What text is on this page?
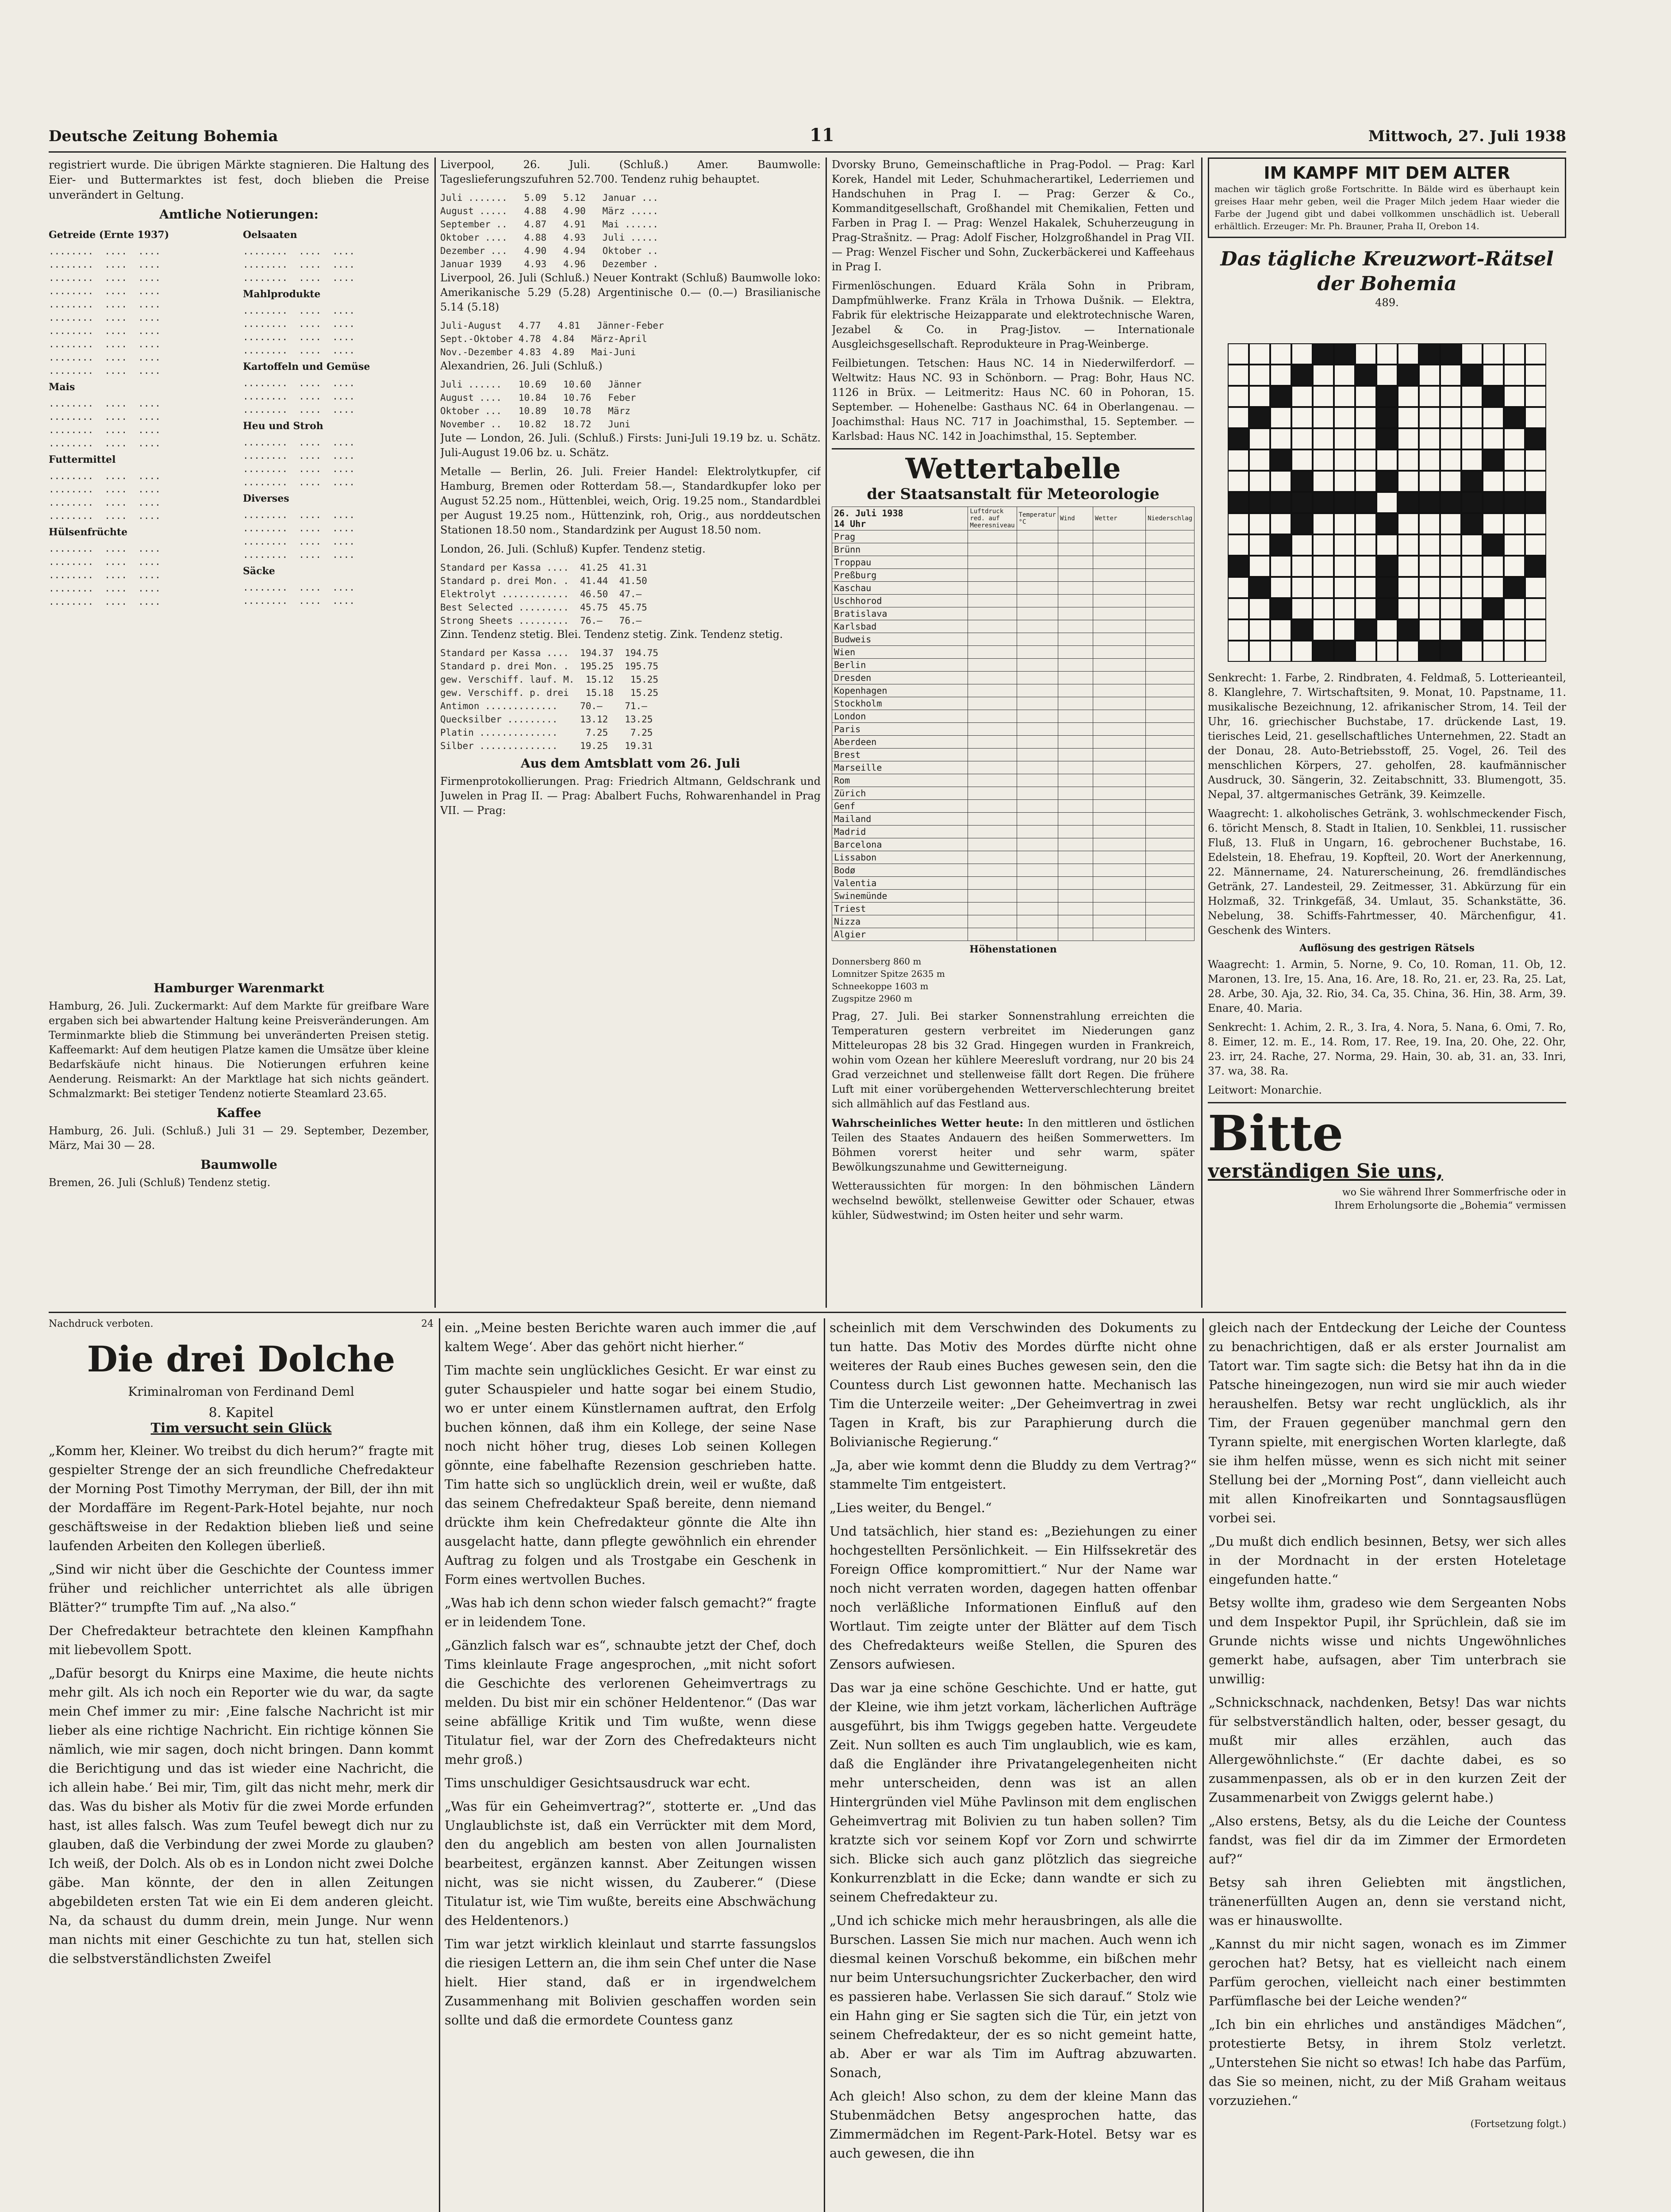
Deutsche Zeitung Bohemia	11	Mittwoch, 27. Juli 1938

registriert wurde. Die übrigen Märkte stagnieren. Die Haltung des Eier- und Buttermarktes ist fest, doch blieben die Preise unverändert in Geltung.

Amtliche Notierungen:
Getreide (Ernte 1937)
........  ....  ....
........  ....  ....
........  ....  ....
........  ....  ....
........  ....  ....
........  ....  ....
........  ....  ....
........  ....  ....
........  ....  ....
........  ....  ....
Mais
........  ....  ....
........  ....  ....
........  ....  ....
........  ....  ....
Futtermittel
........  ....  ....
........  ....  ....
........  ....  ....
........  ....  ....
Hülsenfrüchte
........  ....  ....
........  ....  ....
........  ....  ....
........  ....  ....
........  ....  ....
Oelsaaten
........  ....  ....
........  ....  ....
........  ....  ....
Mahlprodukte
........  ....  ....
........  ....  ....
........  ....  ....
........  ....  ....
Kartoffeln und Gemüse
........  ....  ....
........  ....  ....
........  ....  ....
Heu und Stroh
........  ....  ....
........  ....  ....
........  ....  ....
........  ....  ....
Diverses
........  ....  ....
........  ....  ....
........  ....  ....
........  ....  ....
Säcke
........  ....  ....
........  ....  ....
Hamburger Warenmarkt

Hamburg, 26. Juli. Zuckermarkt: Auf dem Markte für greifbare Ware ergaben sich bei abwartender Haltung keine Preisveränderungen. Am Terminmarkte blieb die Stimmung bei unveränderten Preisen stetig. Kaffeemarkt: Auf dem heutigen Platze kamen die Umsätze über kleine Bedarfskäufe nicht hinaus. Die Notierungen erfuhren keine Aenderung. Reismarkt: An der Marktlage hat sich nichts geändert. Schmalzmarkt: Bei stetiger Tendenz notierte Steamlard 23.65.

Kaffee

Hamburg, 26. Juli. (Schluß.) Juli 31 — 29. September, Dezember, März, Mai 30 — 28.

Baumwolle

Bremen, 26. Juli (Schluß) Tendenz stetig.

Liverpool, 26. Juli. (Schluß.) Amer. Baumwolle: Tageslieferungszufuhren 52.700. Tendenz ruhig behauptet.

Juli .......   5.09   5.12   Januar ...
August .....   4.88   4.90   März .....
September ..   4.87   4.91   Mai ......
Oktober ....   4.88   4.93   Juli .....
Dezember ...   4.90   4.94   Oktober ..
Januar 1939    4.93   4.96   Dezember .

Liverpool, 26. Juli (Schluß.) Neuer Kontrakt (Schluß) Baumwolle loko: Amerikanische 5.29 (5.28) Argentinische 0.— (0.—) Brasilianische 5.14 (5.18)

Juli-August   4.77   4.81   Jänner-Feber
Sept.-Oktober 4.78  4.84   März-April
Nov.-Dezember 4.83  4.89   Mai-Juni

Alexandrien, 26. Juli (Schluß.)

Juli ......   10.69   10.60   Jänner
August ....   10.84   10.76   Feber
Oktober ...   10.89   10.78   März
November ..   10.82   18.72   Juni

Jute — London, 26. Juli. (Schluß.) Firsts: Juni-Juli 19.19 bz. u. Schätz. Juli-August 19.06 bz. u. Schätz.

Metalle — Berlin, 26. Juli. Freier Handel: Elektrolytkupfer, cif Hamburg, Bremen oder Rotterdam 58.—, Standardkupfer loko per August 52.25 nom., Hüttenblei, weich, Orig. 19.25 nom., Standardblei per August 19.25 nom., Hüttenzink, roh, Orig., aus norddeutschen Stationen 18.50 nom., Standardzink per August 18.50 nom.

London, 26. Juli. (Schluß) Kupfer. Tendenz stetig.

Standard per Kassa ....  41.25  41.31
Standard p. drei Mon. .  41.44  41.50
Elektrolyt ............  46.50  47.—
Best Selected .........  45.75  45.75
Strong Sheets .........  76.—   76.—

Zinn. Tendenz stetig. Blei. Tendenz stetig. Zink. Tendenz stetig.

Standard per Kassa ....  194.37  194.75
Standard p. drei Mon. .  195.25  195.75
gew. Verschiff. lauf. M.  15.12   15.25
gew. Verschiff. p. drei   15.18   15.25
Antimon .............    70.—    71.—
Quecksilber .........    13.12   13.25
Platin ..............     7.25    7.25
Silber ..............    19.25   19.31
Aus dem Amtsblatt vom 26. Juli

Firmenprotokollierungen. Prag: Friedrich Altmann, Geldschrank und Juwelen in Prag II. — Prag: Abalbert Fuchs, Rohwarenhandel in Prag VII. — Prag:

Dvorsky Bruno, Gemeinschaftliche in Prag-Podol. — Prag: Karl Korek, Handel mit Leder, Schuhmacherartikel, Lederriemen und Handschuhen in Prag I. — Prag: Gerzer & Co., Kommanditgesellschaft, Großhandel mit Chemikalien, Fetten und Farben in Prag I. — Prag: Wenzel Hakalek, Schuherzeugung in Prag-Strašnitz. — Prag: Adolf Fischer, Holzgroßhandel in Prag VII. — Prag: Wenzel Fischer und Sohn, Zuckerbäckerei und Kaffeehaus in Prag I.

Firmenlöschungen. Eduard Kräla Sohn in Pribram, Dampfmühlwerke. Franz Kräla in Trhowa Dušnik. — Elektra, Fabrik für elektrische Heizapparate und elektrotechnische Waren, Jezabel & Co. in Prag-Jistov. — Internationale Ausgleichsgesellschaft. Reprodukteure in Prag-Weinberge.

Feilbietungen. Tetschen: Haus NC. 14 in Niederwilferdorf. — Weltwitz: Haus NC. 93 in Schönborn. — Prag: Bohr, Haus NC. 1126 in Brüx. — Leitmeritz: Haus NC. 60 in Pohoran, 15. September. — Hohenelbe: Gasthaus NC. 64 in Oberlangenau. — Joachimsthal: Haus NC. 717 in Joachimsthal, 15. September. — Karlsbad: Haus NC. 142 in Joachimsthal, 15. September.

Wettertabelle
der Staatsanstalt für Meteorologie
26. Juli 1938
14 Uhr	Luftdruck red. auf Meeresniveau	Temperatur °C	Wind	Wetter	Niederschlag
Prag					
Brünn					
Troppau					
Preßburg					
Kaschau					
Uschhorod					
Bratislava					
Karlsbad					
Budweis					
Wien					
Berlin					
Dresden					
Kopenhagen					
Stockholm					
London					
Paris					
Aberdeen					
Brest					
Marseille					
Rom					
Zürich					
Genf					
Mailand					
Madrid					
Barcelona					
Lissabon					
Bodø					
Valentia					
Swinemünde					
Triest					
Nizza					
Algier					
Höhenstationen
Donnersberg 860 m
Lomnitzer Spitze 2635 m
Schneekoppe 1603 m
Zugspitze 2960 m

Prag, 27. Juli. Bei starker Sonnenstrahlung erreichten die Temperaturen gestern verbreitet im Niederungen ganz Mitteleuropas 28 bis 32 Grad. Hingegen wurden in Frankreich, wohin vom Ozean her kühlere Meeresluft vordrang, nur 20 bis 24 Grad verzeichnet und stellenweise fällt dort Regen. Die frühere Luft mit einer vorübergehenden Wetterverschlechterung breitet sich allmählich auf das Festland aus.

Wahrscheinliches Wetter heute: In den mittleren und östlichen Teilen des Staates Andauern des heißen Sommerwetters. Im Böhmen vorerst heiter und sehr warm, später Bewölkungszunahme und Gewitterneigung.

Wetteraussichten für morgen: In den böhmischen Ländern wechselnd bewölkt, stellenweise Gewitter oder Schauer, etwas kühler, Südwestwind; im Osten heiter und sehr warm.

IM KAMPF MIT DEM ALTER
machen wir täglich große Fortschritte. In Bälde wird es überhaupt kein greises Haar mehr geben, weil die Prager Milch jedem Haar wieder die Farbe der Jugend gibt und dabei vollkommen unschädlich ist. Ueberall erhältlich. Erzeuger: Mr. Ph. Brauner, Praha II, Orebon 14.
Das tägliche Kreuzwort-Rätsel der Bohemia
489.

Senkrecht: 1. Farbe, 2. Rindbraten, 4. Feldmaß, 5. Lotterieanteil, 8. Klanglehre, 7. Wirtschaftsiten, 9. Monat, 10. Papstname, 11. musikalische Bezeichnung, 12. afrikanischer Strom, 14. Teil der Uhr, 16. griechischer Buchstabe, 17. drückende Last, 19. tierisches Leid, 21. gesellschaftliches Unternehmen, 22. Stadt an der Donau, 28. Auto-Betriebsstoff, 25. Vogel, 26. Teil des menschlichen Körpers, 27. geholfen, 28. kaufmännischer Ausdruck, 30. Sängerin, 32. Zeitabschnitt, 33. Blumengott, 35. Nepal, 37. altgermanisches Getränk, 39. Keimzelle.

Waagrecht: 1. alkoholisches Getränk, 3. wohlschmeckender Fisch, 6. töricht Mensch, 8. Stadt in Italien, 10. Senkblei, 11. russischer Fluß, 13. Fluß in Ungarn, 16. gebrochener Buchstabe, 16. Edelstein, 18. Ehefrau, 19. Kopfteil, 20. Wort der Anerkennung, 22. Männername, 24. Naturerscheinung, 26. fremdländisches Getränk, 27. Landesteil, 29. Zeitmesser, 31. Abkürzung für ein Holzmaß, 32. Trinkgefäß, 34. Umlaut, 35. Schankstätte, 36. Nebelung, 38. Schiffs-Fahrtmesser, 40. Märchenfigur, 41. Geschenk des Winters.

Auflösung des gestrigen Rätsels

Waagrecht: 1. Armin, 5. Norne, 9. Co, 10. Roman, 11. Ob, 12. Maronen, 13. Ire, 15. Ana, 16. Are, 18. Ro, 21. er, 23. Ra, 25. Lat, 28. Arbe, 30. Aja, 32. Rio, 34. Ca, 35. China, 36. Hin, 38. Arm, 39. Enare, 40. Maria.

Senkrecht: 1. Achim, 2. R., 3. Ira, 4. Nora, 5. Nana, 6. Omi, 7. Ro, 8. Eimer, 12. m. E., 14. Rom, 17. Ree, 19. Ina, 20. Ohe, 22. Ohr, 23. irr, 24. Rache, 27. Norma, 29. Hain, 30. ab, 31. an, 33. Inri, 37. wa, 38. Ra.

Leitwort: Monarchie.

Bitte
verständigen Sie uns,
wo Sie während Ihrer Sommerfrische oder in Ihrem Erholungsorte die „Bohemia“ vermissen
Nachdruck verboten.	24
Die drei Dolche
Kriminalroman von Ferdinand Deml
8. Kapitel
Tim versucht sein Glück

„Komm her, Kleiner. Wo treibst du dich herum?“ fragte mit gespielter Strenge der an sich freundliche Chefredakteur der Morning Post Timothy Merryman, der Bill, der ihn mit der Mordaffäre im Regent-Park-Hotel bejahte, nur noch geschäftsweise in der Redaktion blieben ließ und seine laufenden Arbeiten den Kollegen überließ.

„Sind wir nicht über die Geschichte der Countess immer früher und reichlicher unterrichtet als alle übrigen Blätter?“ trumpfte Tim auf. „Na also.“

Der Chefredakteur betrachtete den kleinen Kampfhahn mit liebevollem Spott.

„Dafür besorgt du Knirps eine Maxime, die heute nichts mehr gilt. Als ich noch ein Reporter wie du war, da sagte mein Chef immer zu mir: ‚Eine falsche Nachricht ist mir lieber als eine richtige Nachricht. Ein richtige können Sie nämlich, wie mir sagen, doch nicht bringen. Dann kommt die Berichtigung und das ist wieder eine Nachricht, die ich allein habe.‘ Bei mir, Tim, gilt das nicht mehr, merk dir das. Was du bisher als Motiv für die zwei Morde erfunden hast, ist alles falsch. Was zum Teufel bewegt dich nur zu glauben, daß die Verbindung der zwei Morde zu glauben? Ich weiß, der Dolch. Als ob es in London nicht zwei Dolche gäbe. Man könnte, der den in allen Zeitungen abgebildeten ersten Tat wie ein Ei dem anderen gleicht. Na, da schaust du dumm drein, mein Junge. Nur wenn man nichts mit einer Geschichte zu tun hat, stellen sich die selbstverständlichsten Zweifel

ein. „Meine besten Berichte waren auch immer die ‚auf kaltem Wege‘. Aber das gehört nicht hierher.“

Tim machte sein unglückliches Gesicht. Er war einst zu guter Schauspieler und hatte sogar bei einem Studio, wo er unter einem Künstlernamen auftrat, den Erfolg buchen können, daß ihm ein Kollege, der seine Nase noch nicht höher trug, dieses Lob seinen Kollegen gönnte, eine fabelhafte Rezension geschrieben hatte. Tim hatte sich so unglücklich drein, weil er wußte, daß das seinem Chefredakteur Spaß bereite, denn niemand drückte ihm kein Chefredakteur gönnte die Alte ihn ausgelacht hatte, dann pflegte gewöhnlich ein ehrender Auftrag zu folgen und als Trostgabe ein Geschenk in Form eines wertvollen Buches.

„Was hab ich denn schon wieder falsch gemacht?“ fragte er in leidendem Tone.

„Gänzlich falsch war es“, schnaubte jetzt der Chef, doch Tims kleinlaute Frage angesprochen, „mit nicht sofort die Geschichte des verlorenen Geheimvertrags zu melden. Du bist mir ein schöner Heldentenor.“ (Das war seine abfällige Kritik und Tim wußte, wenn diese Titulatur fiel, war der Zorn des Chefredakteurs nicht mehr groß.)

Tims unschuldiger Gesichtsausdruck war echt.

„Was für ein Geheimvertrag?“, stotterte er. „Und das Unglaublichste ist, daß ein Verrückter mit dem Mord, den du angeblich am besten von allen Journalisten bearbeitest, ergänzen kannst. Aber Zeitungen wissen nicht, was sie nicht wissen, du Zauberer.“ (Diese Titulatur ist, wie Tim wußte, bereits eine Abschwächung des Heldentenors.)

Tim war jetzt wirklich kleinlaut und starrte fassungslos die riesigen Lettern an, die ihm sein Chef unter die Nase hielt. Hier stand, daß er in irgendwelchem Zusammenhang mit Bolivien geschaffen worden sein sollte und daß die ermordete Countess ganz

scheinlich mit dem Verschwinden des Dokuments zu tun hatte. Das Motiv des Mordes dürfte nicht ohne weiteres der Raub eines Buches gewesen sein, den die Countess durch List gewonnen hatte. Mechanisch las Tim die Unterzeile weiter: „Der Geheimvertrag in zwei Tagen in Kraft, bis zur Paraphierung durch die Bolivianische Regierung.“

„Ja, aber wie kommt denn die Bluddy zu dem Vertrag?“ stammelte Tim entgeistert.

„Lies weiter, du Bengel.“

Und tatsächlich, hier stand es: „Beziehungen zu einer hochgestellten Persönlichkeit. — Ein Hilfssekretär des Foreign Office kompromittiert.“ Nur der Name war noch nicht verraten worden, dagegen hatten offenbar noch verläßliche Informationen Einfluß auf den Wortlaut. Tim zeigte unter der Blätter auf dem Tisch des Chefredakteurs weiße Stellen, die Spuren des Zensors aufwiesen.

Das war ja eine schöne Geschichte. Und er hatte, gut der Kleine, wie ihm jetzt vorkam, lächerlichen Aufträge ausgeführt, bis ihm Twiggs gegeben hatte. Vergeudete Zeit. Nun sollten es auch Tim unglaublich, wie es kam, daß die Engländer ihre Privatangelegenheiten nicht mehr unterscheiden, denn was ist an allen Hintergründen viel Mühe Pavlinson mit dem englischen Geheimvertrag mit Bolivien zu tun haben sollen? Tim kratzte sich vor seinem Kopf vor Zorn und schwirrte sich. Blicke sich auch ganz plötzlich das siegreiche Konkurrenzblatt in die Ecke; dann wandte er sich zu seinem Chefredakteur zu.

„Und ich schicke mich mehr herausbringen, als alle die Burschen. Lassen Sie mich nur machen. Auch wenn ich diesmal keinen Vorschuß bekomme, ein bißchen mehr nur beim Untersuchungsrichter Zuckerbacher, den wird es passieren habe. Verlassen Sie sich darauf.“ Stolz wie ein Hahn ging er Sie sagten sich die Tür, ein jetzt von seinem Chefredakteur, der es so nicht gemeint hatte, ab. Aber er war als Tim im Auftrag abzuwarten. Sonach,

Ach gleich! Also schon, zu dem der kleine Mann das Stubenmädchen Betsy angesprochen hatte, das Zimmermädchen im Regent-Park-Hotel. Betsy war es auch gewesen, die ihn

gleich nach der Entdeckung der Leiche der Countess zu benachrichtigen, daß er als erster Journalist am Tatort war. Tim sagte sich: die Betsy hat ihn da in die Patsche hineingezogen, nun wird sie mir auch wieder heraushelfen. Betsy war recht unglücklich, als ihr Tim, der Frauen gegenüber manchmal gern den Tyrann spielte, mit energischen Worten klarlegte, daß sie ihm helfen müsse, wenn es sich nicht mit seiner Stellung bei der „Morning Post“, dann vielleicht auch mit allen Kinofreikarten und Sonntagsausflügen vorbei sei.

„Du mußt dich endlich besinnen, Betsy, wer sich alles in der Mordnacht in der ersten Hoteletage eingefunden hatte.“

Betsy wollte ihm, gradeso wie dem Sergeanten Nobs und dem Inspektor Pupil, ihr Sprüchlein, daß sie im Grunde nichts wisse und nichts Ungewöhnliches gemerkt habe, aufsagen, aber Tim unterbrach sie unwillig:

„Schnickschnack, nachdenken, Betsy! Das war nichts für selbstverständlich halten, oder, besser gesagt, du mußt mir alles erzählen, auch das Allergewöhnlichste.“ (Er dachte dabei, es so zusammenpassen, als ob er in den kurzen Zeit der Zusammenarbeit von Zwiggs gelernt habe.)

„Also erstens, Betsy, als du die Leiche der Countess fandst, was fiel dir da im Zimmer der Ermordeten auf?“

Betsy sah ihren Geliebten mit ängstlichen, tränenerfüllten Augen an, denn sie verstand nicht, was er hinauswollte.

„Kannst du mir nicht sagen, wonach es im Zimmer gerochen hat? Betsy, hat es vielleicht nach einem Parfüm gerochen, vielleicht nach einer bestimmten Parfümflasche bei der Leiche wenden?“

„Ich bin ein ehrliches und anständiges Mädchen“, protestierte Betsy, in ihrem Stolz verletzt. „Unterstehen Sie nicht so etwas! Ich habe das Parfüm, das Sie so meinen, nicht, zu der Miß Graham weitaus vorzuziehen.“

(Fortsetzung folgt.)
